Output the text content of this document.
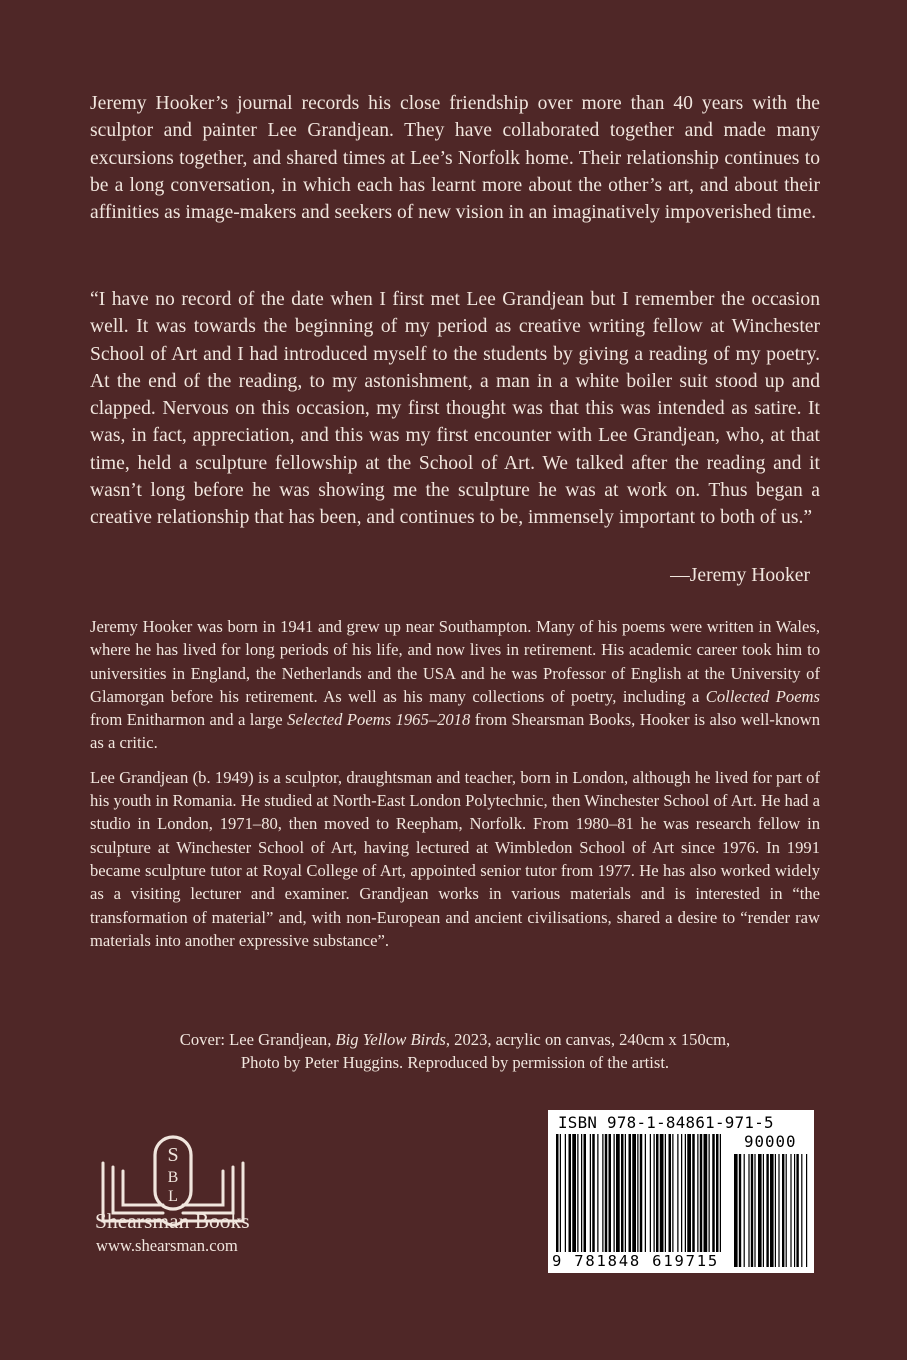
Jeremy Hooker’s journal records his close friendship over more than 40 years with the sculptor and painter Lee Grandjean. They have collaborated together and made many excursions together, and shared times at Lee’s Norfolk home. Their relationship continues to be a long conversation, in which each has learnt more about the other’s art, and about their affinities as image-makers and seekers of new vision in an imaginatively impoverished time.

“I have no record of the date when I first met Lee Grandjean but I remember the occasion well. It was towards the beginning of my period as creative writing fellow at Winchester School of Art and I had introduced myself to the students by giving a reading of my poetry. At the end of the reading, to my astonishment, a man in a white boiler suit stood up and clapped. Nervous on this occasion, my first thought was that this was intended as satire. It was, in fact, appreciation, and this was my first encounter with Lee Grandjean, who, at that time, held a sculpture fellowship at the School of Art. We talked after the reading and it wasn’t long before he was showing me the sculpture he was at work on. Thus began a creative relationship that has been, and continues to be, immensely important to both of us.”

—Jeremy Hooker

Jeremy Hooker was born in 1941 and grew up near Southampton. Many of his poems were written in Wales, where he has lived for long periods of his life, and now lives in retirement. His academic career took him to universities in England, the Netherlands and the USA and he was Professor of English at the University of Glamorgan before his retirement. As well as his many collections of poetry, including a Collected Poems from Enitharmon and a large Selected Poems 1965–2018 from Shearsman Books, Hooker is also well-known as a critic.

Lee Grandjean (b. 1949) is a sculptor, draughtsman and teacher, born in London, although he lived for part of his youth in Romania. He studied at North-East London Polytechnic, then Winchester School of Art. He had a studio in London, 1971–80, then moved to Reepham, Norfolk. From 1980–81 he was research fellow in sculpture at Winchester School of Art, having lectured at Wimbledon School of Art since 1976. In 1991 became sculpture tutor at Royal College of Art, appointed senior tutor from 1977. He has also worked widely as a visiting lecturer and examiner. Grandjean works in various materials and is interested in “the transformation of material” and, with non-European and ancient civilisations, shared a desire to “render raw materials into another expressive substance”.

Cover: Lee Grandjean, Big Yellow Birds, 2023, acrylic on canvas, 240cm x 150cm,

Photo by Peter Huggins. Reproduced by permission of the artist.

S
B
L
Shearsman Books
www.shearsman.com
ISBN 978-1-84861-971-5
90000
9 781848 619715
